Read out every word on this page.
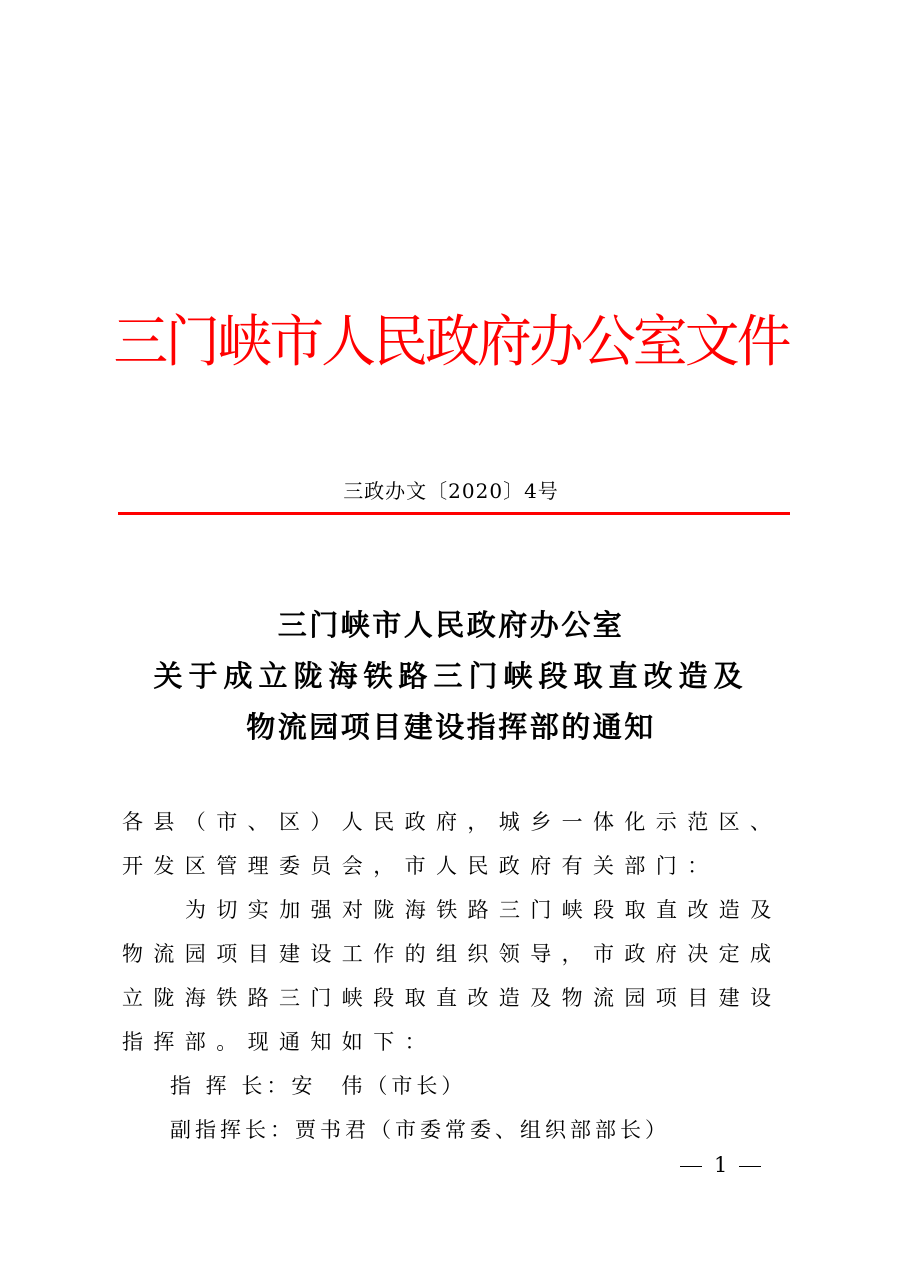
三门峡市人民政府办公室文件
三政办文〔2020〕4号
三门峡市人民政府办公室
关于成立陇海铁路三门峡段取直改造及
物流园项目建设指挥部的通知

各县（市、区）人民政府，城乡一体化示范区、开发区管理委员会，市人民政府有关部门：

为切实加强对陇海铁路三门峡段取直改造及物流园项目建设工作的组织领导，市政府决定成立陇海铁路三门峡段取直改造及物流园项目建设指挥部。现通知如下：

指 挥 长：安　伟（市长）

副指挥长：贾书君（市委常委、组织部部长）

1
